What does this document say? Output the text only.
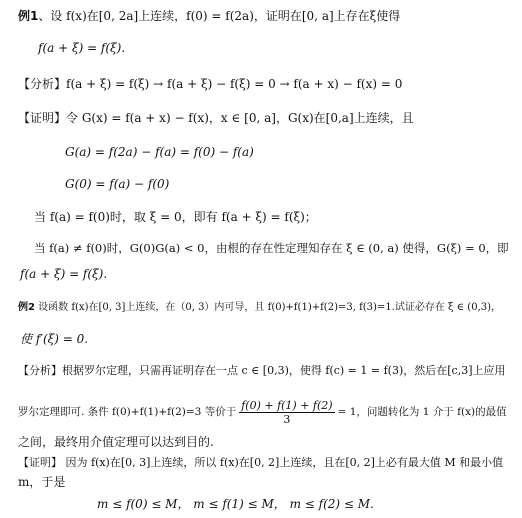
例1、设 f(x)在[0, 2a]上连续，f(0) = f(2a)，证明在[0, a]上存在ξ使得
f(a + ξ) = f(ξ).
【分析】f(a + ξ) = f(ξ) → f(a + ξ) − f(ξ) = 0 → f(a + x) − f(x) = 0
【证明】令 G(x) = f(a + x) − f(x)，x ∈ [0, a]，G(x)在[0,a]上连续，且
G(a) = f(2a) − f(a) = f(0) − f(a)
G(0) = f(a) − f(0)
当 f(a) = f(0)时，取 ξ = 0，即有 f(a + ξ) = f(ξ)；
当 f(a) ≠ f(0)时，G(0)G(a) < 0，由根的存在性定理知存在 ξ ∈ (0, a) 使得，G(ξ) = 0，即
f(a + ξ) = f(ξ).
例2 设函数 f(x)在[0, 3]上连续，在（0, 3）内可导，且 f(0)+f(1)+f(2)=3, f(3)=1.试证必存在 ξ ∈ (0,3)，
使 f′(ξ) = 0.
【分析】根据罗尔定理，只需再证明存在一点 c ∈ [0,3)，使得 f(c) = 1 = f(3)，然后在[c,3]上应用
罗尔定理即可. 条件 f(0)+f(1)+f(2)=3 等价于 $\frac{f(0) + f(1) + f(2)}{3} = 1$，问题转化为 1 介于 f(x)的最值
之间，最终用介值定理可以达到目的.
【证明】 因为 f(x)在[0, 3]上连续，所以 f(x)在[0, 2]上连续，且在[0, 2]上必有最大值 M 和最小值
m，于是
m ≤ f(0) ≤ M， m ≤ f(1) ≤ M， m ≤ f(2) ≤ M.
